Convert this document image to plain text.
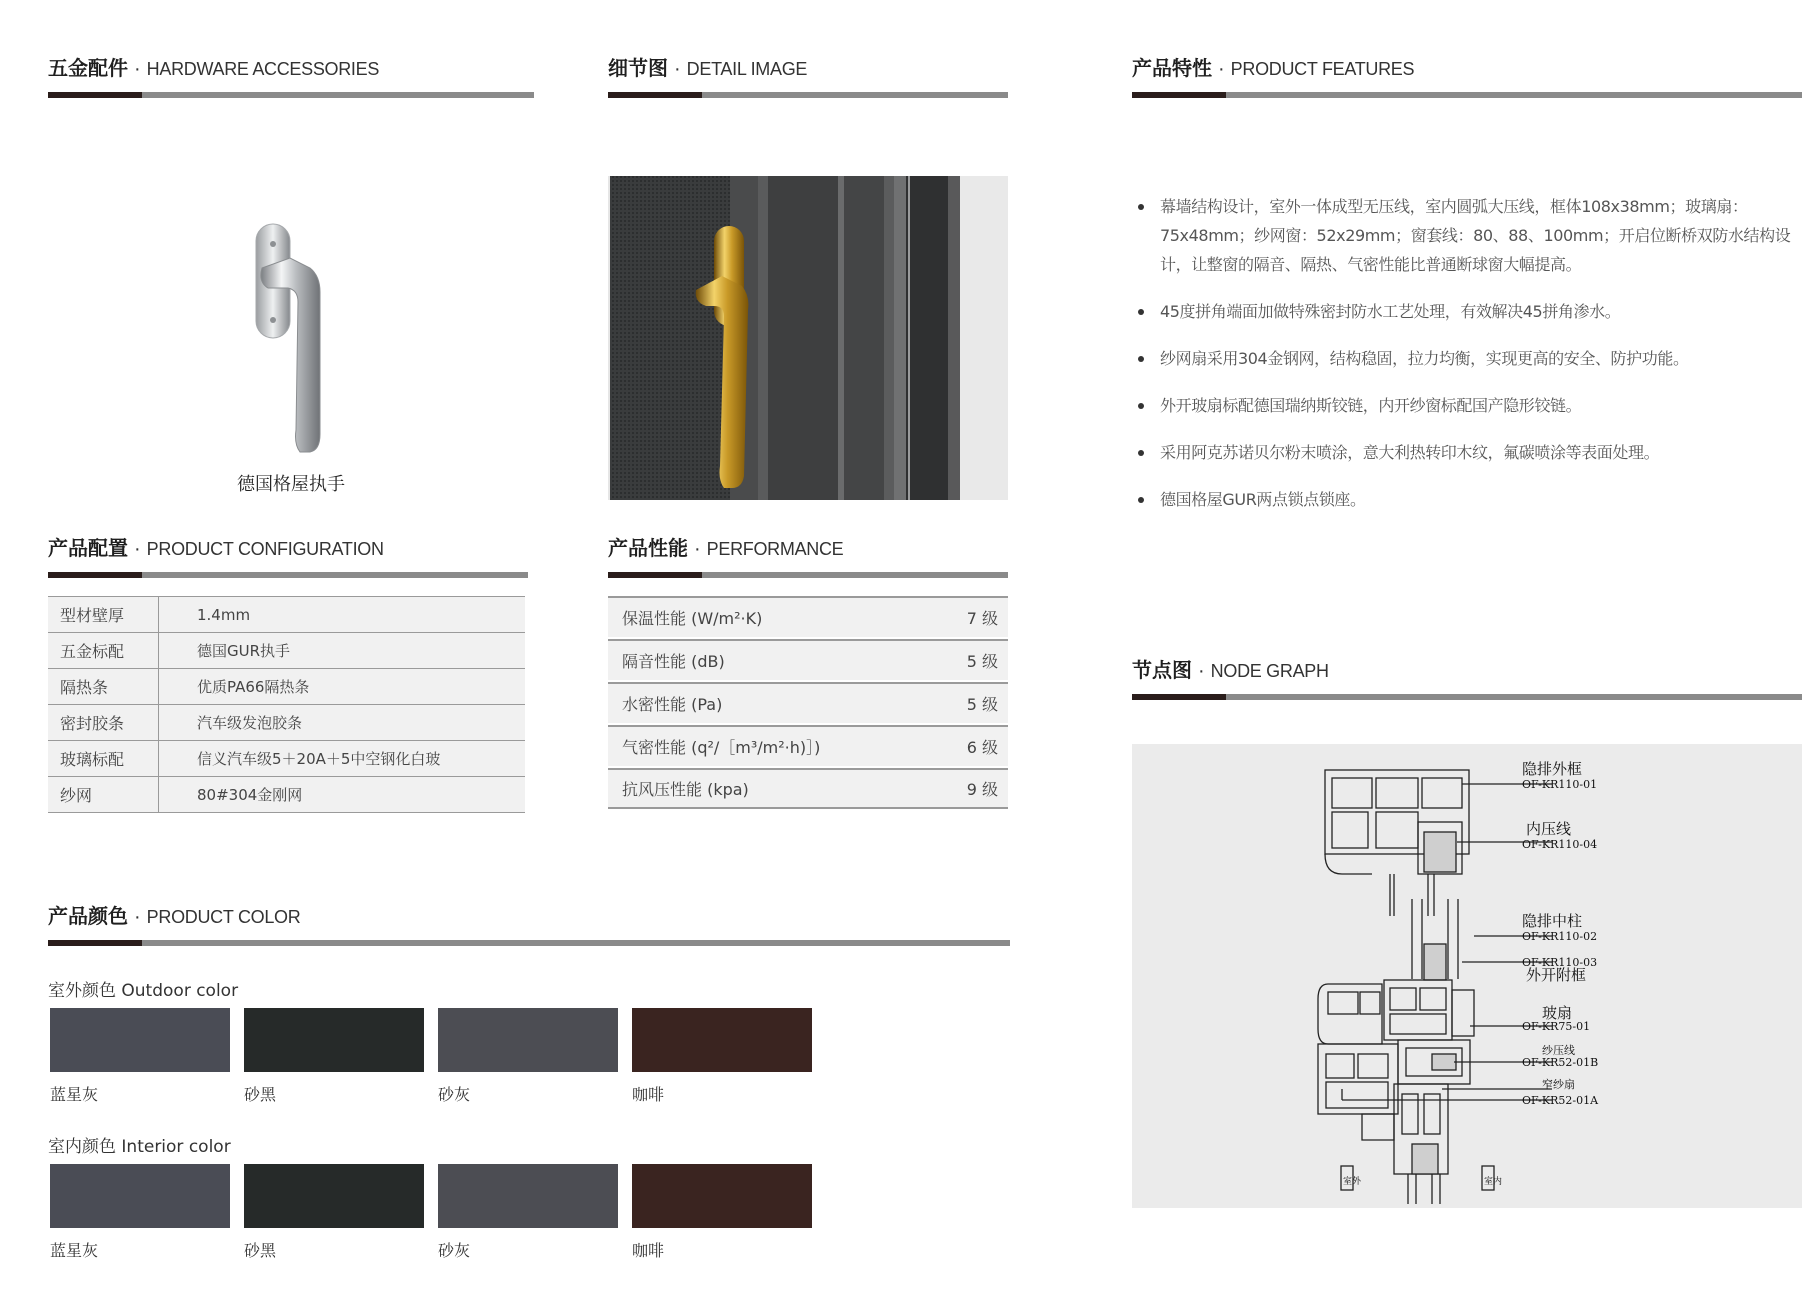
五金配件 · HARDWARE ACCESSORIES
德国格屋执手
细节图 · DETAIL IMAGE	产品特性 · PRODUCT FEATURES
幕墙结构设计，室外一体成型无压线，室内圆弧大压线，框体108x38mm；玻璃扇：75x48mm；纱网窗：52x29mm；窗套线：80、88、100mm；开启位断桥双防水结构设计，让整窗的隔音、隔热、气密性能比普通断球窗大幅提高。
45度拼角端面加做特殊密封防水工艺处理，有效解决45拼角渗水。
纱网扇采用304金钢网，结构稳固，拉力均衡，实现更高的安全、防护功能。
外开玻扇标配德国瑞纳斯铰链，内开纱窗标配国产隐形铰链。
采用阿克苏诺贝尔粉末喷涂，意大利热转印木纹，氟碳喷涂等表面处理。
德国格屋GUR两点锁点锁座。
产品配置 · PRODUCT CONFIGURATION
型材壁厚	1.4mm
五金标配	德国GUR执手
隔热条	优质PA66隔热条
密封胶条	汽车级发泡胶条
玻璃标配	信义汽车级5＋20A＋5中空钢化白玻
纱网	80#304金刚网
产品性能 · PERFORMANCE
保温性能 (W/m²·K)	7 级
隔音性能 (dB)	5 级
水密性能 (Pa)	5 级
气密性能 (q²/［m³/m²·h)］)	6 级
抗风压性能 (kpa)	9 级
产品颜色 · PRODUCT COLOR
室外颜色 Outdoor color
蓝星灰	砂黑	砂灰	咖啡
室内颜色 Interior color
蓝星灰	砂黑	砂灰	咖啡
节点图 · NODE GRAPH
隐排外框
OF-KR110-01
内压线
OF-KR110-04
隐排中柱
OF-KR110-02
OF-KR110-03
外开附框
玻扇
OF-KR75-01
纱压线
OF-KR52-01B
窄纱扇
OF-KR52-01A
室外	室内
